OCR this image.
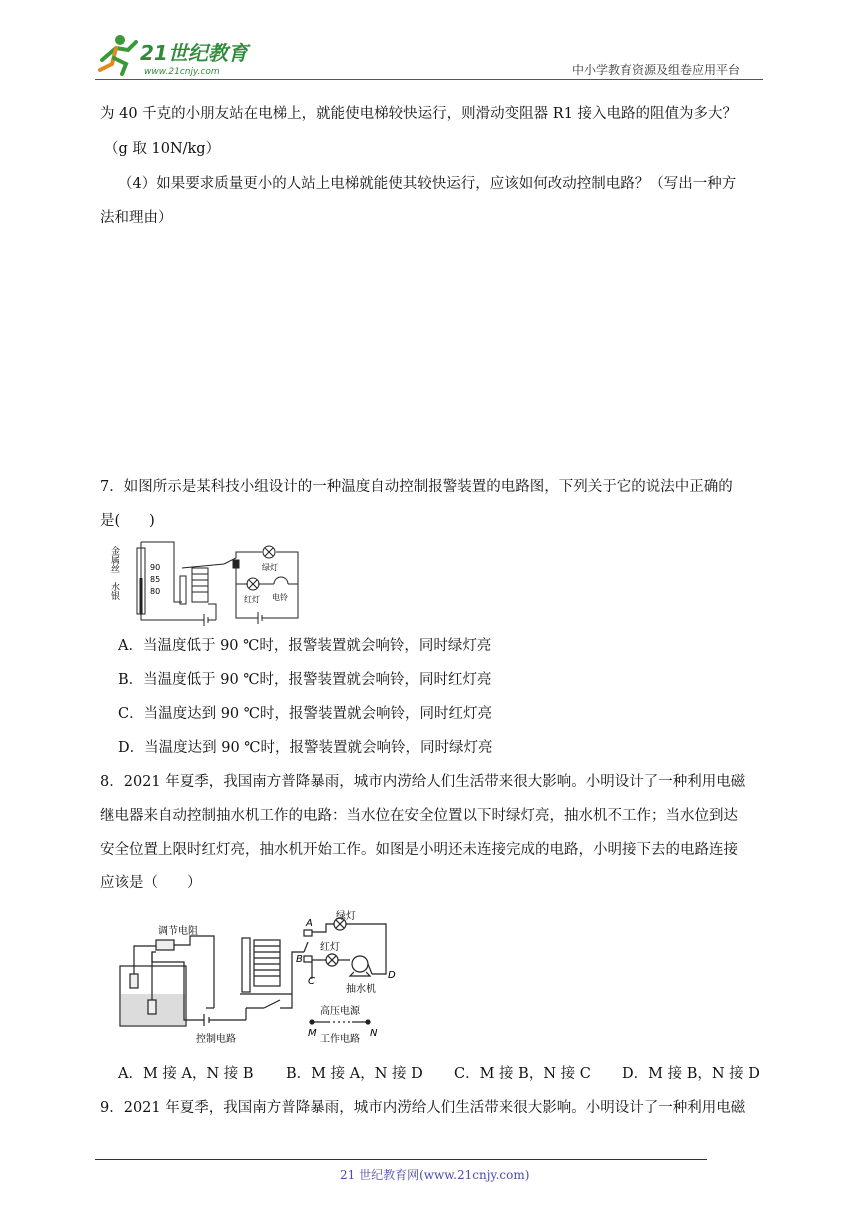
21世纪教育
www.21cnjy.com	中小学教育资源及组卷应用平台
为 40 千克的小朋友站在电梯上，就能使电梯较快运行，则滑动变阻器 R1 接入电路的阻值为多大？
（g 取 10N/kg）
（4）如果要求质量更小的人站上电梯就能使其较快运行，应该如何改动控制电路？（写出一种方
法和理由）
7．如图所示是某科技小组设计的一种温度自动控制报警装置的电路图，下列关于它的说法中正确的
是(　　)
金属丝
水银
90
85
80
绿灯
红灯 电铃
A．当温度低于 90 ℃时，报警装置就会响铃，同时绿灯亮
B．当温度低于 90 ℃时，报警装置就会响铃，同时红灯亮
C．当温度达到 90 ℃时，报警装置就会响铃，同时红灯亮
D．当温度达到 90 ℃时，报警装置就会响铃，同时绿灯亮
8．2021 年夏季，我国南方普降暴雨，城市内涝给人们生活带来很大影响。小明设计了一种利用电磁
继电器来自动控制抽水机工作的电路：当水位在安全位置以下时绿灯亮，抽水机不工作；当水位到达
安全位置上限时红灯亮，抽水机开始工作。如图是小明还未连接完成的电路，小明接下去的电路连接
应该是（　　）
调节电阻
控制电路
绿灯
红灯
抽水机
高压电源
工作电路
A
B
C
D
M	N
A．M 接 A，N 接 B B．M 接 A，N 接 D C．M 接 B，N 接 C D．M 接 B，N 接 D
9．2021 年夏季，我国南方普降暴雨，城市内涝给人们生活带来很大影响。小明设计了一种利用电磁
21 世纪教育网(www.21cnjy.com)
